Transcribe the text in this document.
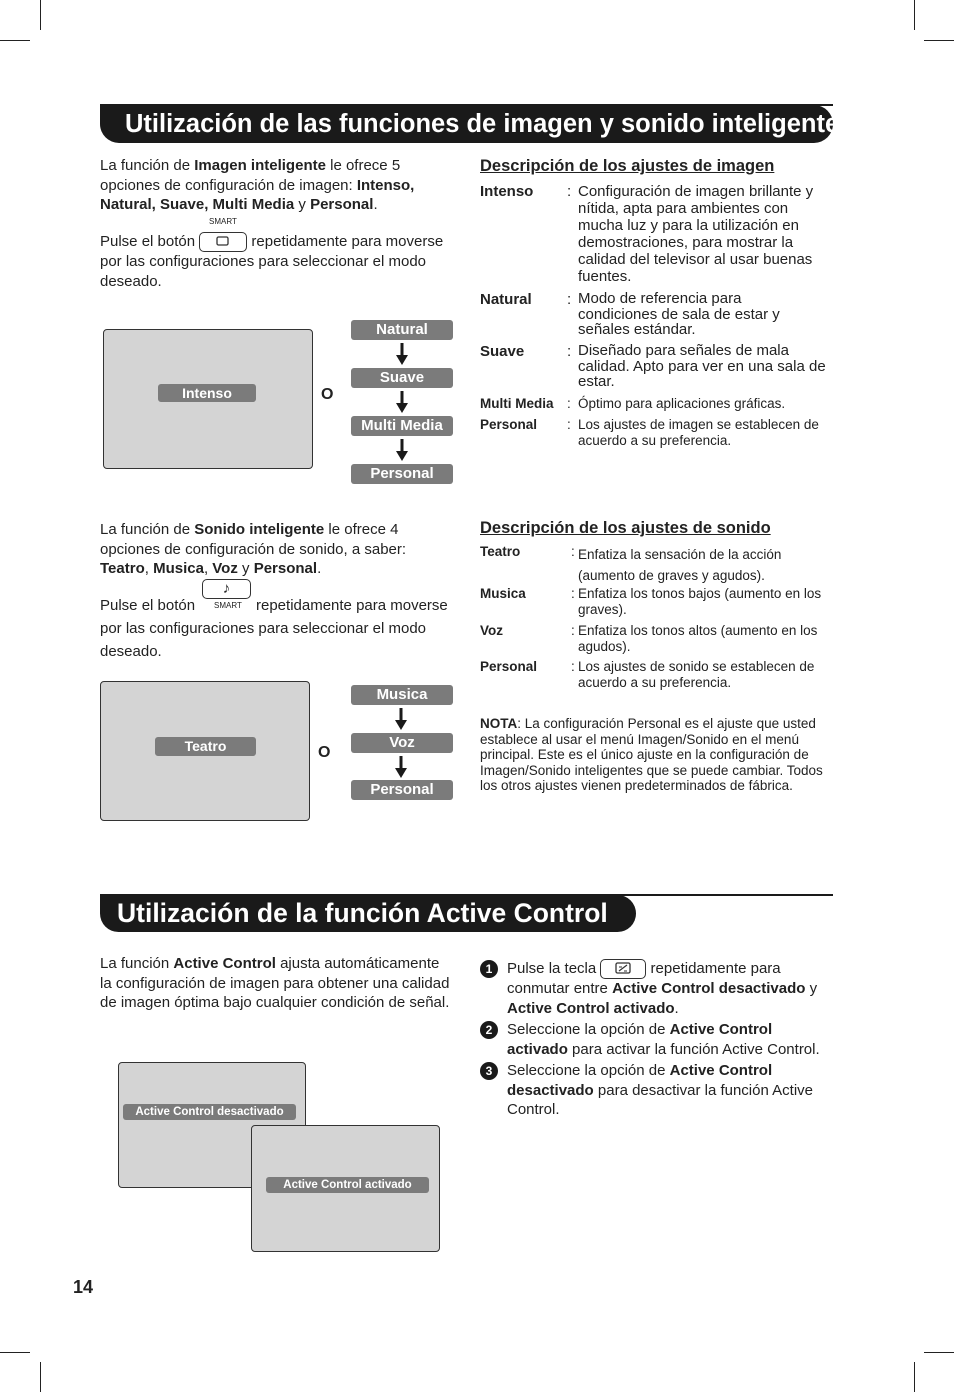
Utilización de las funciones de imagen y sonido inteligentes
La función de Imagen inteligente le ofrece 5 opciones de configuración de imagen: Intenso, Natural, Suave, Multi Media y Personal.
SMART
Pulse el botón	repetidamente para moverse por las configuraciones para seleccionar el modo deseado.
Intenso	O
Natural
Suave
Multi Media
Personal
Descripción de los ajustes de imagen
Intenso : Configuración de imagen brillante y nítida, apta para ambientes con mucha luz y para la utilización en demostraciones, para mostrar la calidad del televisor al usar buenas fuentes.
Natural : Modo de referencia para condiciones de sala de estar y señales estándar.
Suave	: Diseñado para señales de mala calidad. Apto para ver en una sala de estar.
Multi Media : Óptimo para aplicaciones gráficas.
Personal : Los ajustes de imagen se establecen de acuerdo a su preferencia.
La función de Sonido inteligente le ofrece 4 opciones de configuración de sonido, a saber: Teatro, Musica, Voz y Personal.
♪
SMART
Pulse el botón	repetidamente para moverse por las configuraciones para seleccionar el modo deseado.
Teatro	O
Musica
Voz
Personal
Descripción de los ajustes de sonido
Teatro	: Enfatiza la sensación de la acción (aumento de graves y agudos).
Musica	: Enfatiza los tonos bajos (aumento en los graves).
Voz	: Enfatiza los tonos altos (aumento en los agudos).
Personal	: Los ajustes de sonido se establecen de acuerdo a su preferencia.
NOTA: La configuración Personal es el ajuste que usted establece al usar el menú Imagen/Sonido en el menú principal. Este es el único ajuste en la configuración de Imagen/Sonido inteligentes que se puede cambiar. Todos los otros ajustes vienen predeterminados de fábrica.
Utilización de la función Active Control
La función Active Control ajusta automáticamente la configuración de imagen para obtener una calidad de imagen óptima bajo cualquier condición de señal.
Active Control desactivado
Active Control activado
1 Pulse la tecla	repetidamente para conmutar entre Active Control desactivado y Active Control activado.
2 Seleccione la opción de Active Control activado para activar la función Active Control.
3 Seleccione la opción de Active Control desactivado para desactivar la función Active Control.
14
